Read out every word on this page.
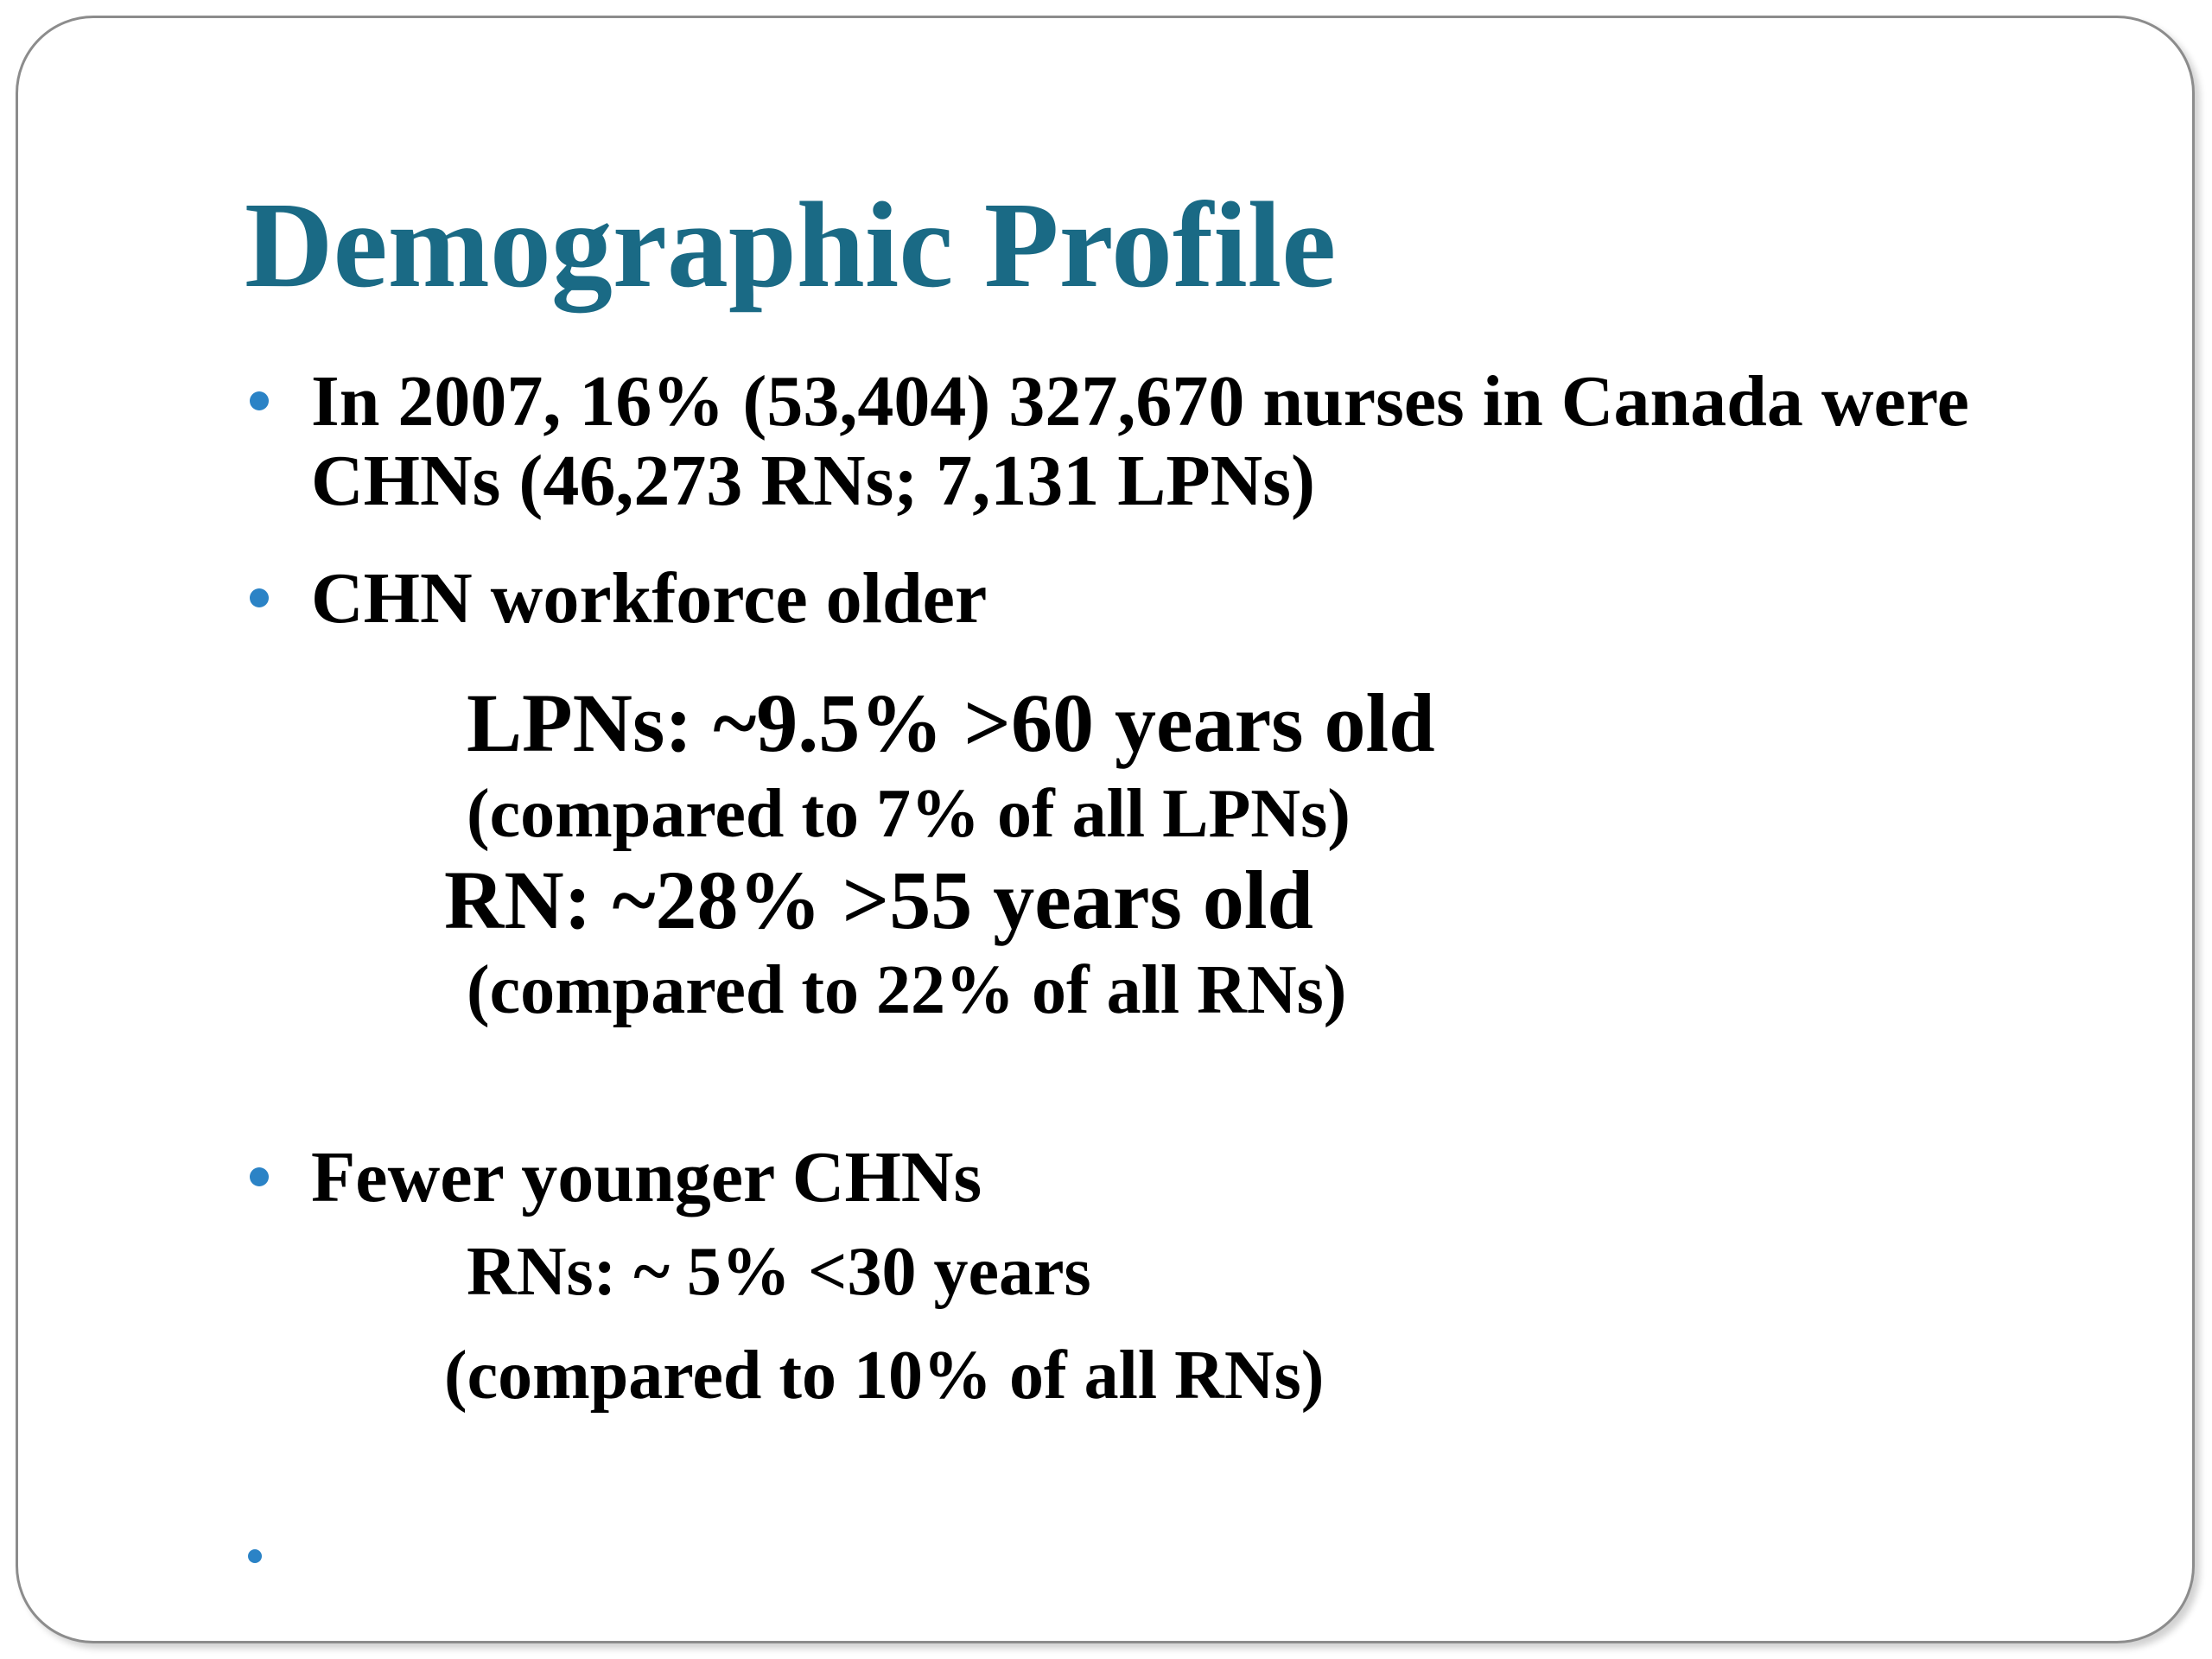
Demographic Profile

In 2007, 16% (53,404) 327,670 nurses in Canada were

CHNs (46,273 RNs; 7,131 LPNs)

CHN workforce older

LPNs: ~9.5% >60 years old

(compared to 7% of all LPNs)

RN: ~28% >55 years old

(compared to 22% of all RNs)

Fewer younger CHNs

RNs: ~ 5% <30 years

(compared to 10% of all RNs)
